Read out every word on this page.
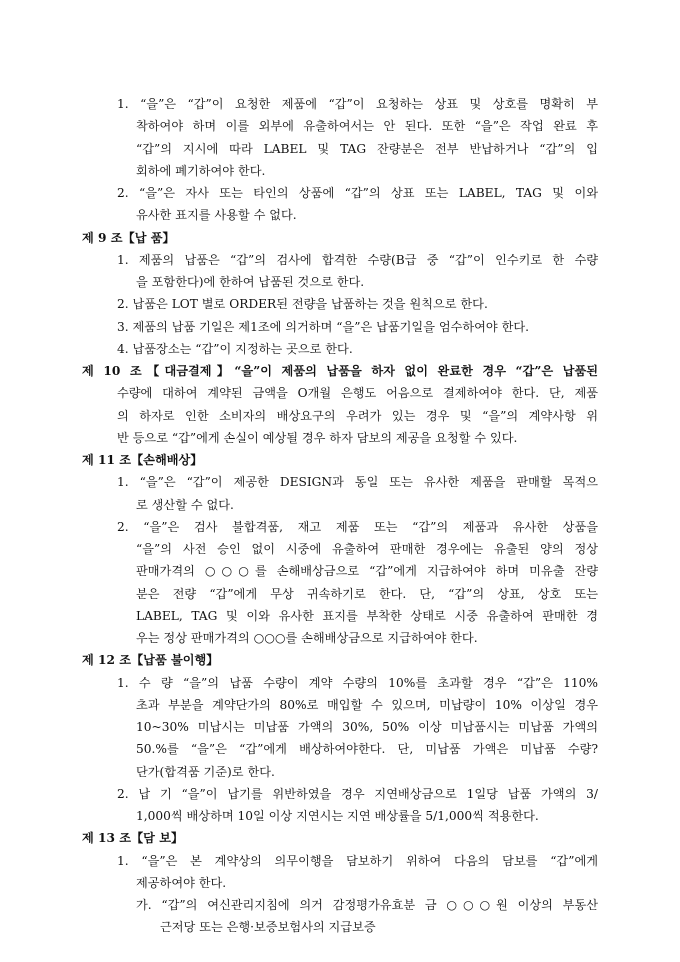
1. “을”은 “갑”이 요청한 제품에 “갑”이 요청하는 상표 및 상호를 명확히 부
착하여야 하며 이를 외부에 유출하여서는 안 된다. 또한 “을”은 작업 완료 후
“갑”의 지시에 따라 LABEL 및 TAG 잔량분은 전부 반납하거나 “갑”의 입
회하에 폐기하여야 한다.
2. “을”은 자사 또는 타인의 상품에 “갑”의 상표 또는 LABEL, TAG 및 이와
유사한 표지를 사용할 수 없다.
제 9 조【납 품】
1. 제품의 납품은 “갑”의 검사에 합격한 수량(B급 중 “갑”이 인수키로 한 수량
을 포함한다)에 한하여 납품된 것으로 한다.
2. 납품은 LOT 별로 ORDER된 전량을 납품하는 것을 원칙으로 한다.
3. 제품의 납품 기일은 제1조에 의거하며 “을”은 납품기일을 엄수하여야 한다.
4. 납품장소는 “갑”이 지정하는 곳으로 한다.
제 10 조【대금결제】“을”이 제품의 납품을 하자 없이 완료한 경우 “갑”은 납품된
수량에 대하여 계약된 금액을 O개월 은행도 어음으로 결제하여야 한다. 단, 제품
의 하자로 인한 소비자의 배상요구의 우려가 있는 경우 및 “을”의 계약사항 위
반 등으로 “갑”에게 손실이 예상될 경우 하자 담보의 제공을 요청할 수 있다.
제 11 조【손해배상】
1. “을”은 “갑”이 제공한 DESIGN과 동일 또는 유사한 제품을 판매할 목적으
로 생산할 수 없다.
2. “을”은 검사 불합격품, 재고 제품 또는 “갑”의 제품과 유사한 상품을
“을”의 사전 승인 없이 시중에 유출하여 판매한 경우에는 유출된 양의 정상
판매가격의 ○○○를 손해배상금으로 “갑”에게 지급하여야 하며 미유출 잔량
분은 전량 “갑”에게 무상 귀속하기로 한다. 단, “갑”의 상표, 상호 또는
LABEL, TAG 및 이와 유사한 표지를 부착한 상태로 시중 유출하여 판매한 경
우는 정상 판매가격의 ○○○를 손해배상금으로 지급하여야 한다.
제 12 조【납품 불이행】
1. 수 량 “을”의 납품 수량이 계약 수량의 10%를 초과할 경우 “갑”은 110%
초과 부분을 계약단가의 80%로 매입할 수 있으며, 미납량이 10% 이상일 경우
10~30% 미납시는 미납품 가액의 30%, 50% 이상 미납품시는 미납품 가액의
50.%를 “을”은 “갑”에게 배상하여야한다. 단, 미납품 가액은 미납품 수량?
단가(합격품 기준)로 한다.
2. 납 기 “을”이 납기를 위반하였을 경우 지연배상금으로 1일당 납품 가액의 3/
1,000씩 배상하며 10일 이상 지연시는 지연 배상률을 5/1,000씩 적용한다.
제 13 조【담 보】
1. “을”은 본 계약상의 의무이행을 담보하기 위하여 다음의 담보를 “갑”에게
제공하여야 한다.
가. “갑”의 여신관리지침에 의거 감정평가유효분 금 ○○○원 이상의 부동산
근저당 또는 은행·보증보험사의 지급보증
